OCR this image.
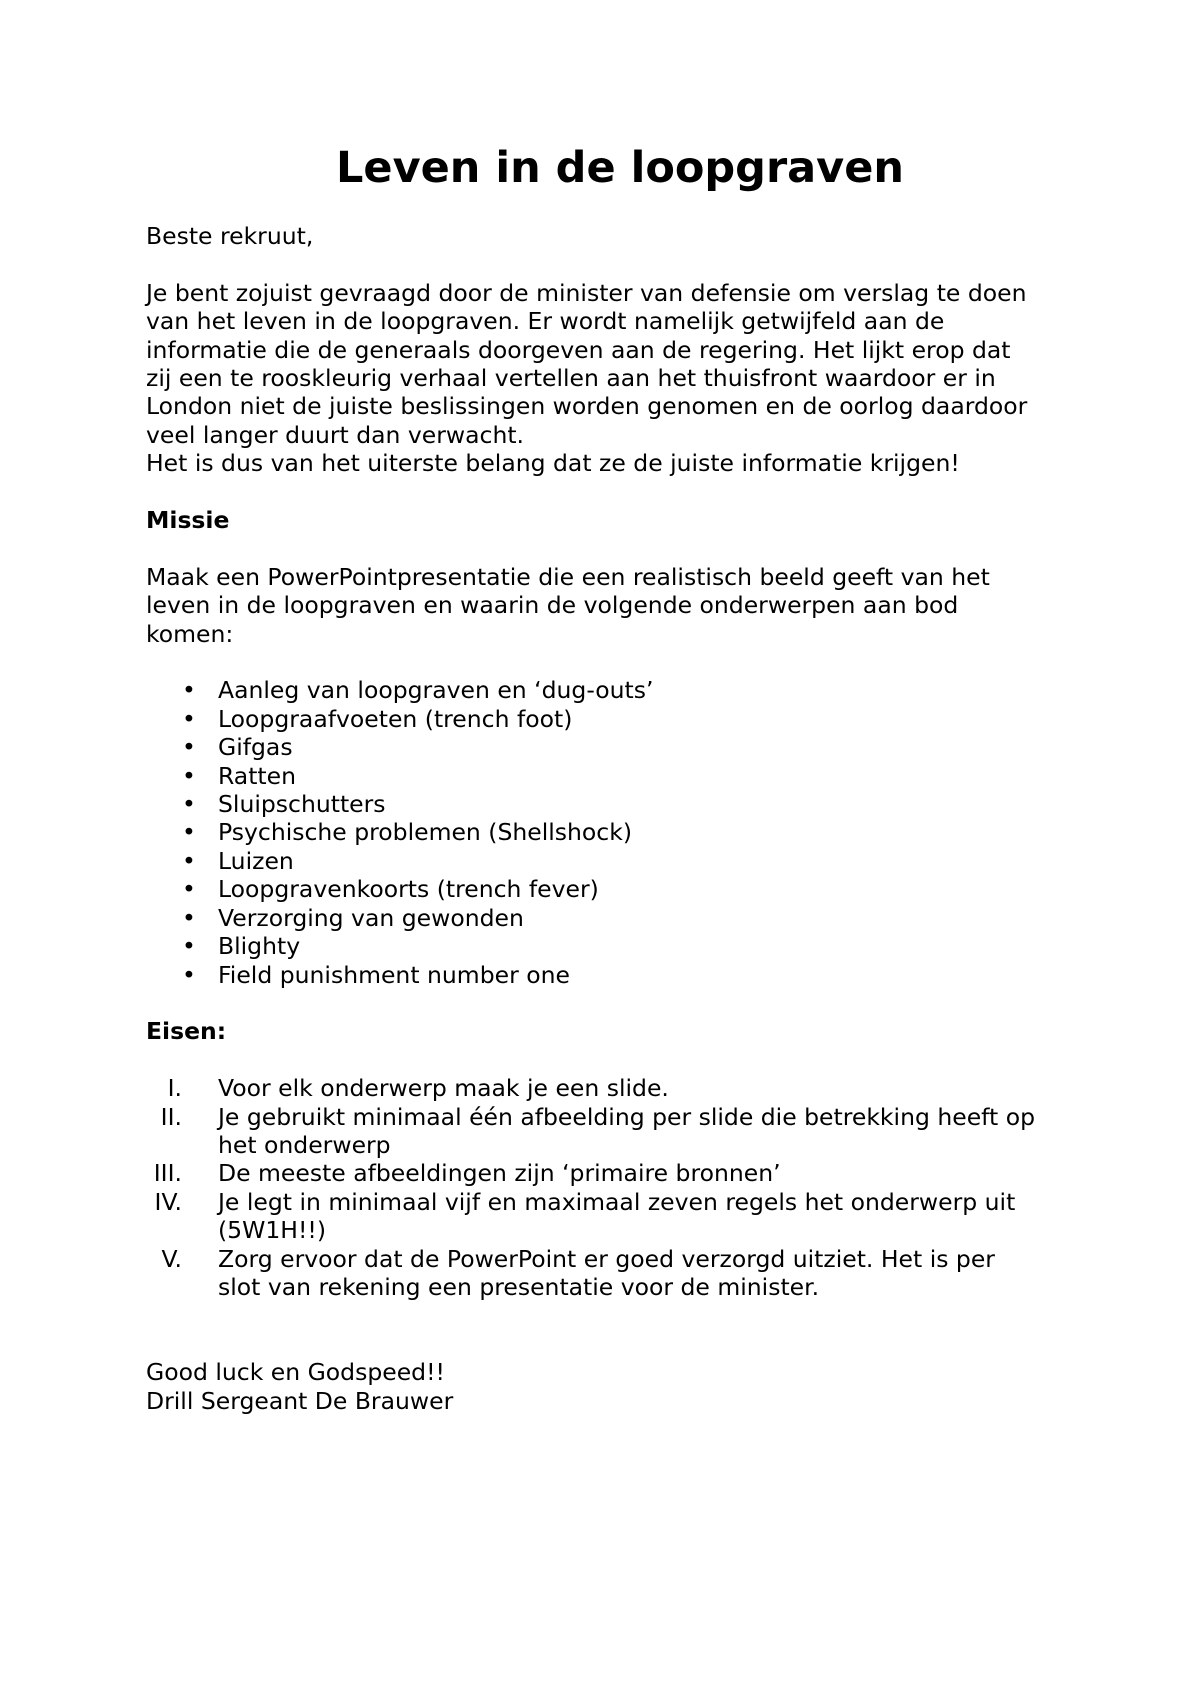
Leven in de loopgraven

Beste rekruut,

Je bent zojuist gevraagd door de minister van defensie om verslag te doen
van het leven in de loopgraven. Er wordt namelijk getwijfeld aan de
informatie die de generaals doorgeven aan de regering. Het lijkt erop dat
zij een te rooskleurig verhaal vertellen aan het thuisfront waardoor er in
London niet de juiste beslissingen worden genomen en de oorlog daardoor
veel langer duurt dan verwacht.
Het is dus van het uiterste belang dat ze de juiste informatie krijgen!

Missie

Maak een PowerPointpresentatie die een realistisch beeld geeft van het
leven in de loopgraven en waarin de volgende onderwerpen aan bod
komen:

• Aanleg van loopgraven en ‘dug-outs’
• Loopgraafvoeten (trench foot)
• Gifgas
• Ratten
• Sluipschutters
• Psychische problemen (Shellshock)
• Luizen
• Loopgravenkoorts (trench fever)
• Verzorging van gewonden
• Blighty
• Field punishment number one

Eisen:

I. Voor elk onderwerp maak je een slide.
II. Je gebruikt minimaal één afbeelding per slide die betrekking heeft op
het onderwerp
III. De meeste afbeeldingen zijn ‘primaire bronnen’
IV. Je legt in minimaal vijf en maximaal zeven regels het onderwerp uit
(5W1H!!)
V. Zorg ervoor dat de PowerPoint er goed verzorgd uitziet. Het is per
slot van rekening een presentatie voor de minister.

Good luck en Godspeed!!
Drill Sergeant De Brauwer
